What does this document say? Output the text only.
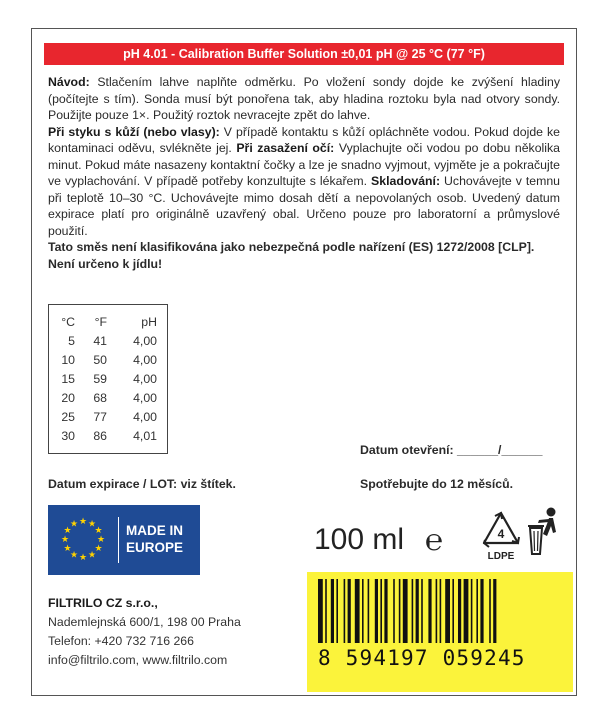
pH 4.01 - Calibration Buffer Solution ±0,01 pH @ 25 °C (77 °F)
Návod: Stlačením lahve naplňte odměrku. Po vložení sondy dojde ke zvýšení hladiny (počítejte s tím). Sonda musí být ponořena tak, aby hladina roztoku byla nad otvory sondy. Použijte pouze 1×. Použitý roztok nevracejte zpět do lahve.
Při styku s kůží (nebo vlasy): V případě kontaktu s kůží opláchněte vodou. Pokud dojde ke kontaminaci oděvu, svlékněte jej. Při zasažení očí: Vyplachujte oči vodou po dobu několika minut. Pokud máte nasazeny kontaktní čočky a lze je snadno vyjmout, vyjměte je a pokračujte ve vyplachování. V případě potřeby konzultujte s lékařem. Skladování: Uchovávejte v temnu při teplotě 10–30 °C. Uchovávejte mimo dosah dětí a nepovolaných osob. Uvedený datum expirace platí pro originálně uzavřený obal. Určeno pouze pro laboratorní a průmyslové použití.
Tato směs není klasifikována jako nebezpečná podle nařízení (ES) 1272/2008 [CLP].
Není určeno k jídlu!
°C	°F	pH
5	41	4,00
10	50	4,00
15	59	4,00
20	68	4,00
25	77	4,00
30	86	4,01
Datum otevření: ______/______
Datum expirace / LOT: viz štítek.	Spotřebujte do 12 měsíců.
★ ★
★
★
★
★
★
★
★
★
★
★	MADE IN
EUROPE	100 ml ℮	4
LDPE
FILTRILO CZ s.r.o.,
Nademlejnská 600/1, 198 00 Praha
Telefon: +420 732 716 266
info@filtrilo.com, www.filtrilo.com	8 594197 059245
